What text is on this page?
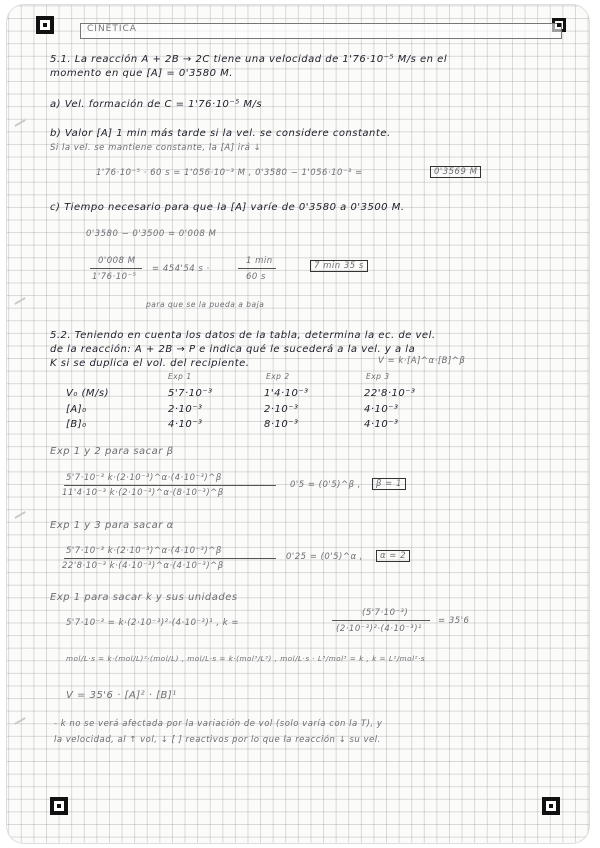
CINETICA
5.1. La reacción A + 2B → 2C tiene una velocidad de 1'76·10⁻⁵ M/s en el
momento en que [A] = 0'3580 M.
a) Vel. formación de C = 1'76·10⁻⁵ M/s
b) Valor [A] 1 min más tarde si la vel. se considere constante.
Si la vel. se mantiene constante, la [A] irá ↓
1'76·10⁻⁵ · 60 s = 1'056·10⁻³ M , 0'3580 − 1'056·10⁻³ =	0'3569 M
c) Tiempo necesario para que la [A] varíe de 0'3580 a 0'3500 M.
0'3580 − 0'3500 = 0'008 M
0'008 M
1'76·10⁻⁵
= 454'54 s ·
1 min
60 s
7 min 35 s
para que se la pueda a baja
5.2. Teniendo en cuenta los datos de la tabla, determina la ec. de vel.
de la reacción: A + 2B → P e indica qué le sucederá a la vel. y a la
K si se duplica el vol. del recipiente.	V = k·[A]^α·[B]^β
Exp 1	Exp 2	Exp 3
V₀ (M/s)	5'7·10⁻³	1'4·10⁻³	22'8·10⁻³
[A]₀	2·10⁻³	2·10⁻³	4·10⁻³
[B]₀	4·10⁻³	8·10⁻³	4·10⁻³
Exp 1 y 2 para sacar β
5'7·10⁻³ k·(2·10⁻³)^α·(4·10⁻³)^β
11'4·10⁻³ k·(2·10⁻³)^α·(8·10⁻³)^β
0'5 = (0'5)^β ,	β = 1
Exp 1 y 3 para sacar α
5'7·10⁻³ k·(2·10⁻³)^α·(4·10⁻³)^β
22'8·10⁻³ k·(4·10⁻³)^α·(4·10⁻³)^β
0'25 = (0'5)^α ,	α = 2
Exp 1 para sacar k y sus unidades
5'7·10⁻³ = k·(2·10⁻³)²·(4·10⁻³)¹ , k =
(5'7·10⁻³)
(2·10⁻³)²·(4·10⁻³)¹
= 35'6
mol/L·s = k·(mol/L)²·(mol/L) , mol/L·s = k·(mol³/L³) , mol/L·s · L³/mol³ = k , k = L²/mol²·s
V = 35'6 · [A]² · [B]¹
- k no se verá afectada por la variación de vol (solo varía con la T), y
la velocidad, al ↑ vol, ↓ [ ] reactivos por lo que la reacción ↓ su vel.
